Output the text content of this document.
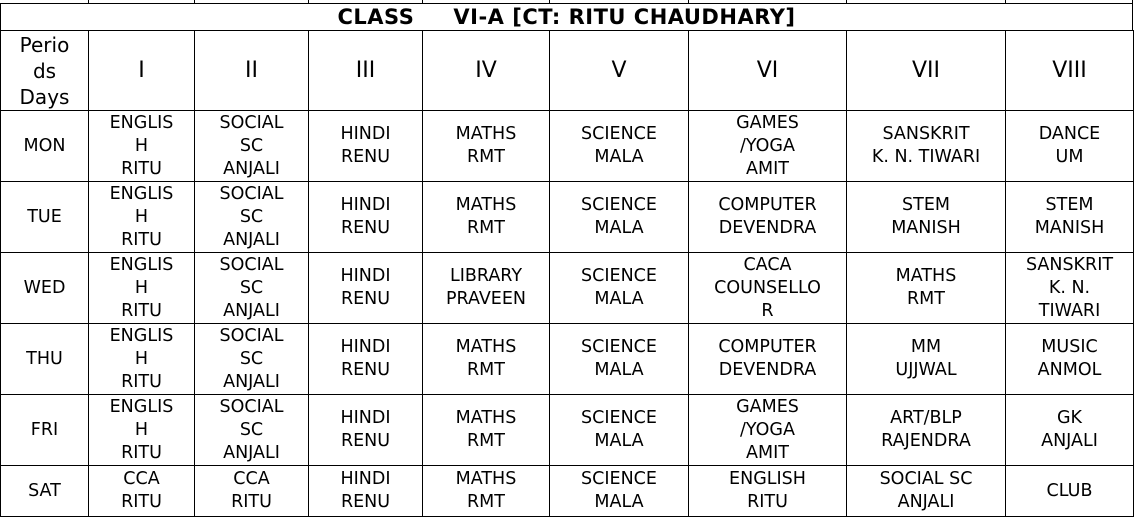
CLASS     VI-A [CT: RITU CHAUDHARY]
Perio
ds
Days	I	II	III	IV	V	VI	VII	VIII
MON	ENGLIS
H
RITU	SOCIAL
SC
ANJALI	HINDI
RENU	MATHS
RMT	SCIENCE
MALA	GAMES
/YOGA
AMIT	SANSKRIT
K. N. TIWARI	DANCE
UM

TUE	ENGLIS
H
RITU	SOCIAL
SC
ANJALI	HINDI
RENU	MATHS
RMT	SCIENCE
MALA	COMPUTER
DEVENDRA	STEM
MANISH	STEM
MANISH

WED	ENGLIS
H
RITU	SOCIAL
SC
ANJALI	HINDI
RENU	LIBRARY
PRAVEEN	SCIENCE
MALA	CACA
COUNSELLO
R	MATHS
RMT	SANSKRIT
K. N.
TIWARI

THU	ENGLIS
H
RITU	SOCIAL
SC
ANJALI	HINDI
RENU	MATHS
RMT	SCIENCE
MALA	COMPUTER
DEVENDRA	MM
UJJWAL	MUSIC
ANMOL

FRI	ENGLIS
H
RITU	SOCIAL
SC
ANJALI	HINDI
RENU	MATHS
RMT	SCIENCE
MALA	GAMES
/YOGA
AMIT	ART/BLP
RAJENDRA	GK
ANJALI

SAT	CCA
RITU	CCA
RITU	HINDI
RENU	MATHS
RMT	SCIENCE
MALA	ENGLISH
RITU	SOCIAL SC
ANJALI	CLUB
